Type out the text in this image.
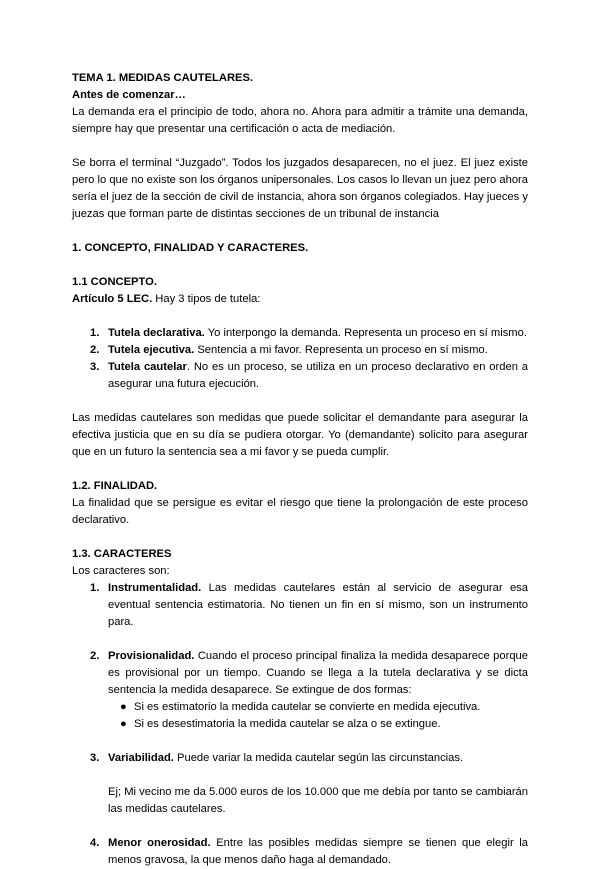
TEMA 1. MEDIDAS CAUTELARES.

Antes de comenzar…

La demanda era el principio de todo, ahora no. Ahora para admitir a trámite una demanda, siempre hay que presentar una certificación o acta de mediación.

Se borra el terminal “Juzgado”. Todos los juzgados desaparecen, no el juez. El juez existe pero lo que no existe son los órganos unipersonales. Los casos lo llevan un juez pero ahora sería el juez de la sección de civil de instancia, ahora son órganos colegiados. Hay jueces y juezas que forman parte de distintas secciones de un tribunal de instancia

1. CONCEPTO, FINALIDAD Y CARACTERES.

1.1 CONCEPTO.

Artículo 5 LEC. Hay 3 tipos de tutela:

1. Tutela declarativa. Yo interpongo la demanda. Representa un proceso en sí mismo.
2. Tutela ejecutiva. Sentencia a mi favor. Representa un proceso en sí mismo.
3. Tutela cautelar. No es un proceso, se utiliza en un proceso declarativo en orden a asegurar una futura ejecución.

Las medidas cautelares son medidas que puede solicitar el demandante para asegurar la efectiva justicia que en su día se pudiera otorgar. Yo (demandante) solicito para asegurar que en un futuro la sentencia sea a mi favor y se pueda cumplir.

1.2. FINALIDAD.

La finalidad que se persigue es evitar el riesgo que tiene la prolongación de este proceso declarativo.

1.3. CARACTERES

Los caracteres son:

1. Instrumentalidad. Las medidas cautelares están al servicio de asegurar esa eventual sentencia estimatoria. No tienen un fin en sí mismo, son un instrumento para.
2. Provisionalidad. Cuando el proceso principal finaliza la medida desaparece porque es provisional por un tiempo. Cuando se llega a la tutela declarativa y se dicta sentencia la medida desaparece. Se extingue de dos formas:
● Si es estimatorio la medida cautelar se convierte en medida ejecutiva.
● Si es desestimatoria la medida cautelar se alza o se extingue.
3. Variabilidad. Puede variar la medida cautelar según las circunstancias.

Ej; Mi vecino me da 5.000 euros de los 10.000 que me debía por tanto se cambiarán las medidas cautelares.

4. Menor onerosidad. Entre las posibles medidas siempre se tienen que elegir la menos gravosa, la que menos daño haga al demandado.
